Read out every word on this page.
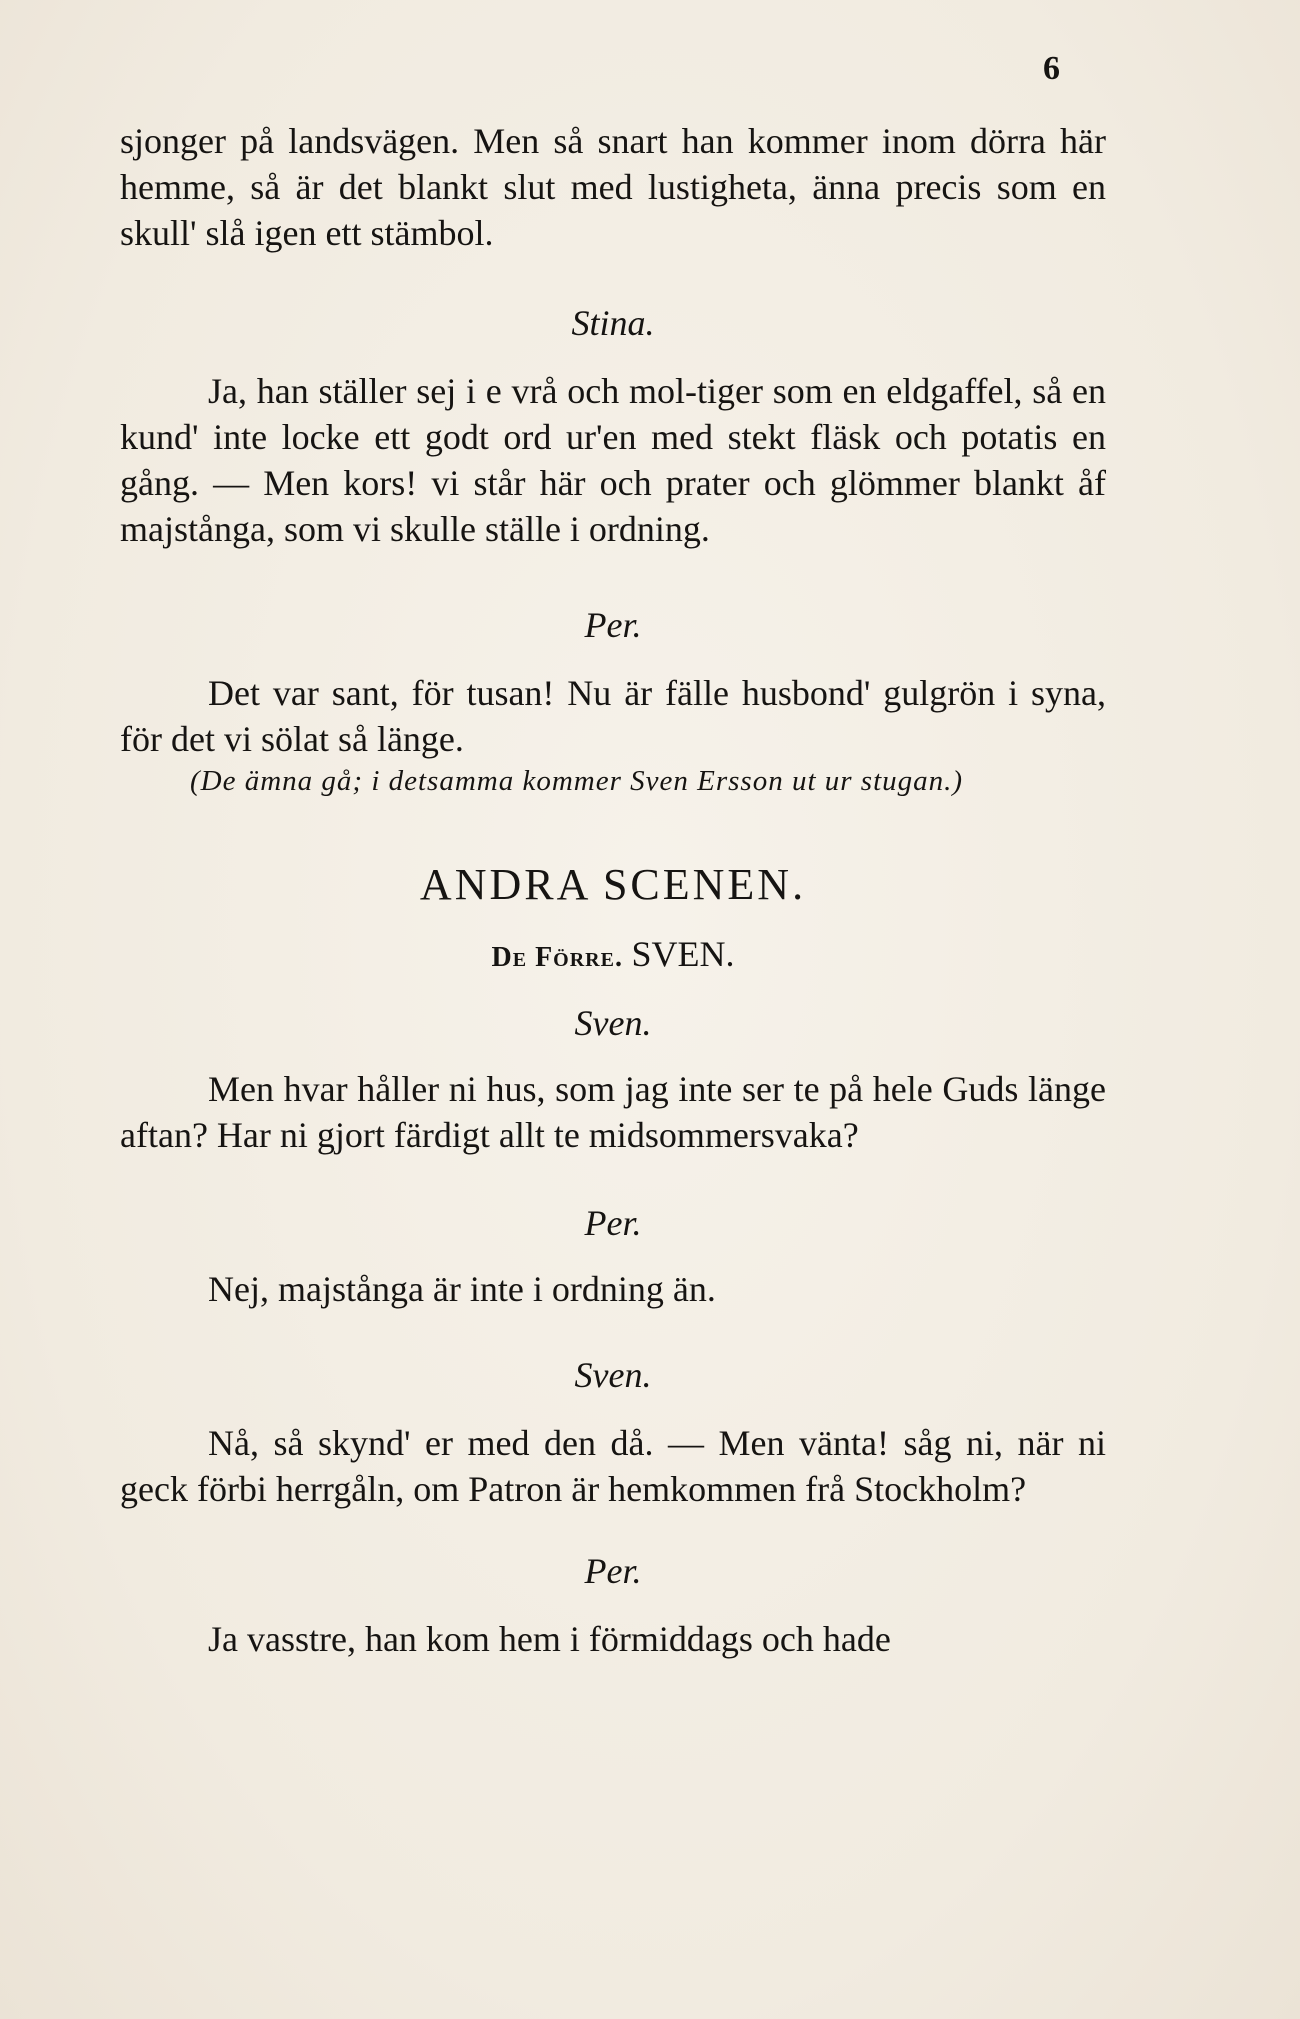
6

sjonger på landsvägen. Men så snart han kommer inom dörra här hemme, så är det blankt slut med lustigheta, änna precis som en skull' slå igen ett stämbol.

Stina.

Ja, han ställer sej i e vrå och mol-tiger som en eldgaffel, så en kund' inte locke ett godt ord ur'en med stekt fläsk och potatis en gång. — Men kors! vi står här och prater och glömmer blankt åf majstånga, som vi skulle ställe i ordning.

Per.

Det var sant, för tusan! Nu är fälle husbond' gulgrön i syna, för det vi sölat så länge.

(De ämna gå; i detsamma kommer Sven Ersson ut ur stugan.)

ANDRA SCENEN.

De Förre. SVEN.

Sven.

Men hvar håller ni hus, som jag inte ser te på hele Guds länge aftan? Har ni gjort färdigt allt te midsommersvaka?

Per.

Nej, majstånga är inte i ordning än.

Sven.

Nå, så skynd' er med den då. — Men vänta! såg ni, när ni geck förbi herrgåln, om Patron är hemkommen frå Stockholm?

Per.

Ja vasstre, han kom hem i förmiddags och hade
